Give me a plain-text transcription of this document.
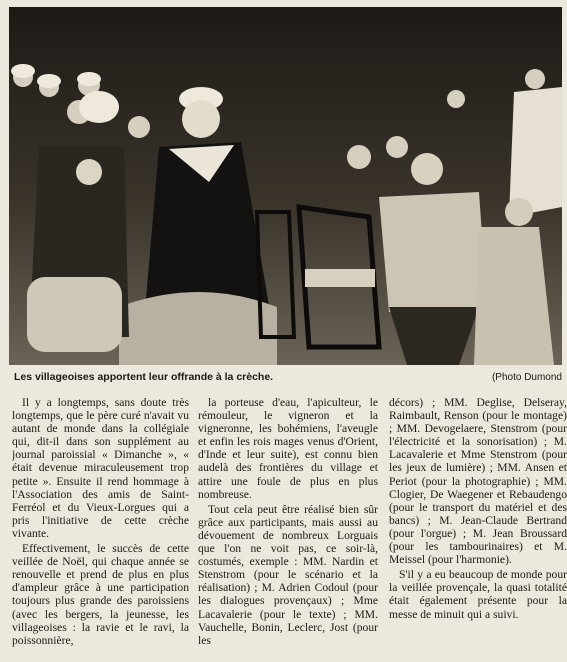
Les villageoises apportent leur offrande à la crèche.	(Photo Dumond

Il y a longtemps, sans doute très longtemps, que le père curé n'avait vu autant de monde dans la collégiale qui, dit-il dans son supplément au journal paroissial « Dimanche », « était devenue miraculeusement trop petite ». Ensuite il rend hommage à l'Association des amis de Saint-Ferréol et du Vieux-Lorgues qui a pris l'initiative de cette crèche vivante.

Effectivement, le succès de cette veillée de Noël, qui chaque année se renouvelle et prend de plus en plus d'ampleur grâce à une participation toujours plus grande des paroissiens (avec les bergers, la jeunesse, les villageoises : la ravie et le ravi, la poissonnière,

la porteuse d'eau, l'apiculteur, le rémouleur, le vigneron et la vigneronne, les bohémiens, l'aveugle et enfin les rois mages venus d'Orient, d'Inde et leur suite), est connu bien audelà des frontières du village et attire une foule de plus en plus nombreuse.

Tout cela peut être réalisé bien sûr grâce aux participants, mais aussi au dévouement de nombreux Lorguais que l'on ne voit pas, ce soir-là, costumés, exemple : MM. Nardin et Stenstrom (pour le scénario et la réalisation) ; M. Adrien Codoul (pour les dialogues provençaux) ; Mme Lacavalerie (pour le texte) ; MM. Vauchelle, Bonin, Leclerc, Jost (pour les

décors) ; MM. Deglise, Delseray, Raimbault, Renson (pour le montage) ; MM. Devogelaere, Stenstrom (pour l'électricité et la sonorisation) ; M. Lacavalerie et Mme Stenstrom (pour les jeux de lumière) ; MM. Ansen et Periot (pour la photographie) ; MM. Clogier, De Waegener et Rebaudengo (pour le transport du matériel et des bancs) ; M. Jean-Claude Bertrand (pour l'orgue) ; M. Jean Broussard (pour les tambourinaires) et M. Meissel (pour l'harmonie).

S'il y a eu beaucoup de monde pour la veillée provençale, la quasi totalité était également présente pour la messe de minuit qui a suivi.
